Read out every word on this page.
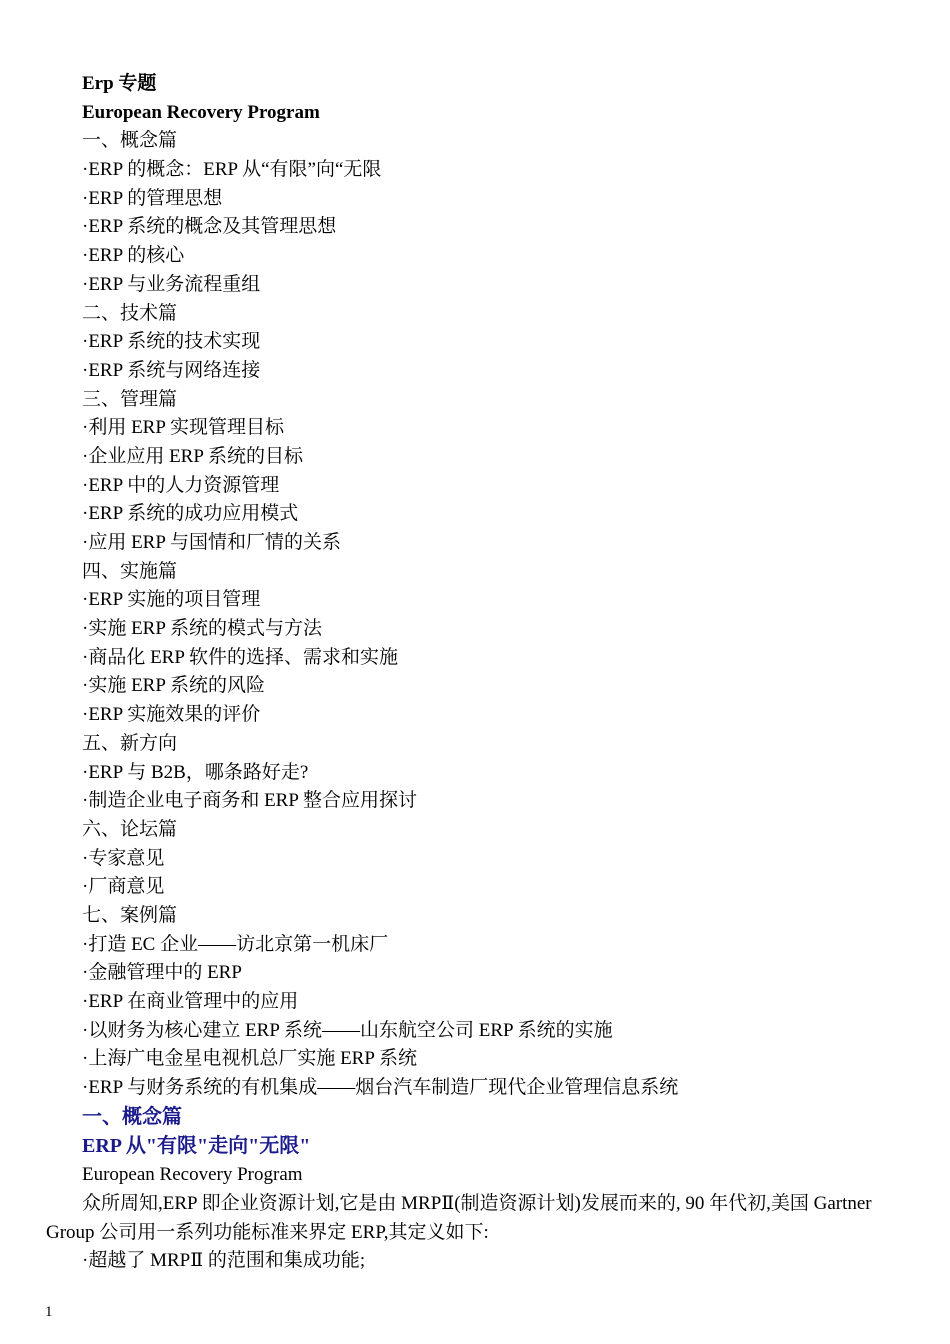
Erp 专题
European Recovery Program
一、概念篇
·ERP 的概念：ERP 从“有限”向“无限
·ERP 的管理思想
·ERP 系统的概念及其管理思想
·ERP 的核心
·ERP 与业务流程重组
二、技术篇
·ERP 系统的技术实现
·ERP 系统与网络连接
三、管理篇
·利用 ERP 实现管理目标
·企业应用 ERP 系统的目标
·ERP 中的人力资源管理
·ERP 系统的成功应用模式
·应用 ERP 与国情和厂情的关系
四、实施篇
·ERP 实施的项目管理
·实施 ERP 系统的模式与方法
·商品化 ERP 软件的选择、需求和实施
·实施 ERP 系统的风险
·ERP 实施效果的评价
五、新方向
·ERP 与 B2B，哪条路好走?
·制造企业电子商务和 ERP 整合应用探讨
六、论坛篇
·专家意见
·厂商意见
七、案例篇
·打造 EC 企业——访北京第一机床厂
·金融管理中的 ERP
·ERP 在商业管理中的应用
·以财务为核心建立 ERP 系统——山东航空公司 ERP 系统的实施
·上海广电金星电视机总厂实施 ERP 系统
·ERP 与财务系统的有机集成——烟台汽车制造厂现代企业管理信息系统
一、概念篇
ERP 从"有限"走向"无限"
European Recovery Program
众所周知,ERP 即企业资源计划,它是由 MRPⅡ(制造资源计划)发展而来的, 90 年代初,美国 Gartner Group 公司用一系列功能标准来界定 ERP,其定义如下:
·超越了 MRPⅡ 的范围和集成功能;
1
